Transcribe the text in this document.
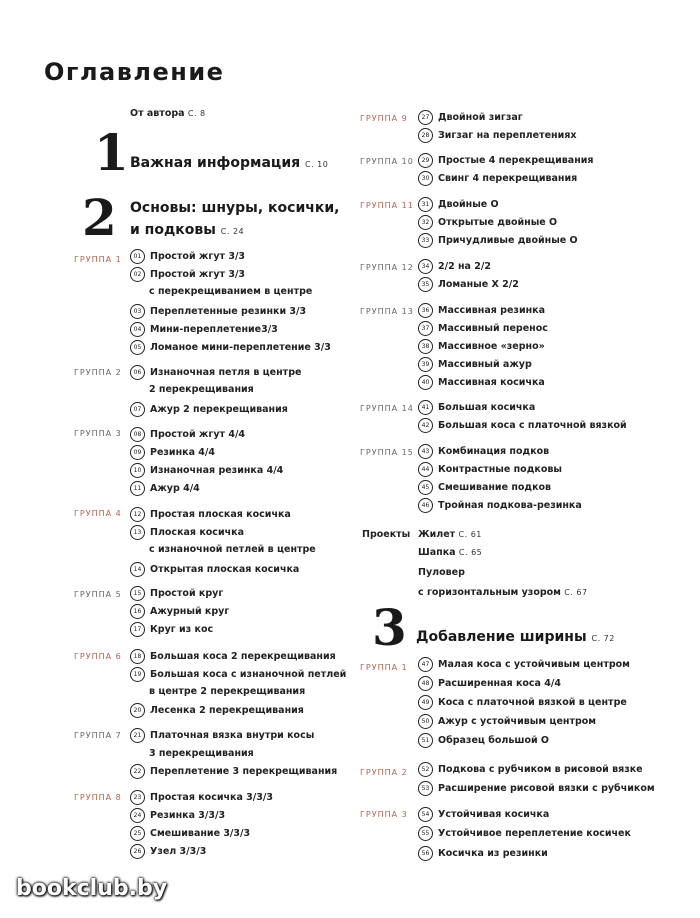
Оглавление
От автора С. 8
1 Важная информация С. 10
2 Основы: шнуры, косички,
и подковы С. 24
3 Добавление ширины С. 72
ГРУППА 1
ГРУППА 2
ГРУППА 3
ГРУППА 4
ГРУППА 5
ГРУППА 6
ГРУППА 7
ГРУППА 8
ГРУППА 9
ГРУППА 10
ГРУППА 11
ГРУППА 12
ГРУППА 13
ГРУППА 14
ГРУППА 15
ГРУППА 1
ГРУППА 2
ГРУППА 3
01 Простой жгут 3/3
02 Простой жгут 3/3
с перекрещиванием в центре
03 Переплетенные резинки 3/3
04 Мини-переплетение3/3
05 Ломаное мини-переплетение 3/3
06 Изнаночная петля в центре
2 перекрещивания
07 Ажур 2 перекрещивания
08 Простой жгут 4/4
09 Резинка 4/4
10 Изнаночная резинка 4/4
11 Ажур 4/4
12 Простая плоская косичка
13 Плоская косичка
с изнаночной петлей в центре
14 Открытая плоская косичка
15 Простой круг
16 Ажурный круг
17 Круг из кос
18 Большая коса 2 перекрещивания
19 Большая коса с изнаночной петлей
в центре 2 перекрещивания
20 Лесенка 2 перекрещивания
21 Платочная вязка внутри косы
3 перекрещивания
22 Переплетение 3 перекрещивания
23 Простая косичка 3/3/3
24 Резинка 3/3/3
25 Смешивание 3/3/3
26 Узел 3/3/3
27 Двойной зигзаг
28 Зигзаг на переплетениях
29 Простые 4 перекрещивания
30 Свинг 4 перекрещивания
31 Двойные О
32 Открытые двойные О
33 Причудливые двойные О
34 2/2 на 2/2
35 Ломаные Х 2/2
36 Массивная резинка
37 Массивный перенос
38 Массивное «зерно»
39 Массивный ажур
40 Массивная косичка
41 Большая косичка
42 Большая коса с платочной вязкой
43 Комбинация подков
44 Контрастные подковы
45 Смешивание подков
46 Тройная подкова-резинка
Проекты Жилет С. 61
Шапка С. 65
Пуловер
с горизонтальным узором С. 67
47 Малая коса с устойчивым центром
48 Расширенная коса 4/4
49 Коса с платочной вязкой в центре
50 Ажур с устойчивым центром
51 Образец большой О
52 Подкова с рубчиком в рисовой вязке
53 Расширение рисовой вязки с рубчиком
54 Устойчивая косичка
55 Устойчивое переплетение косичек
56 Косичка из резинки
bookclub.by
